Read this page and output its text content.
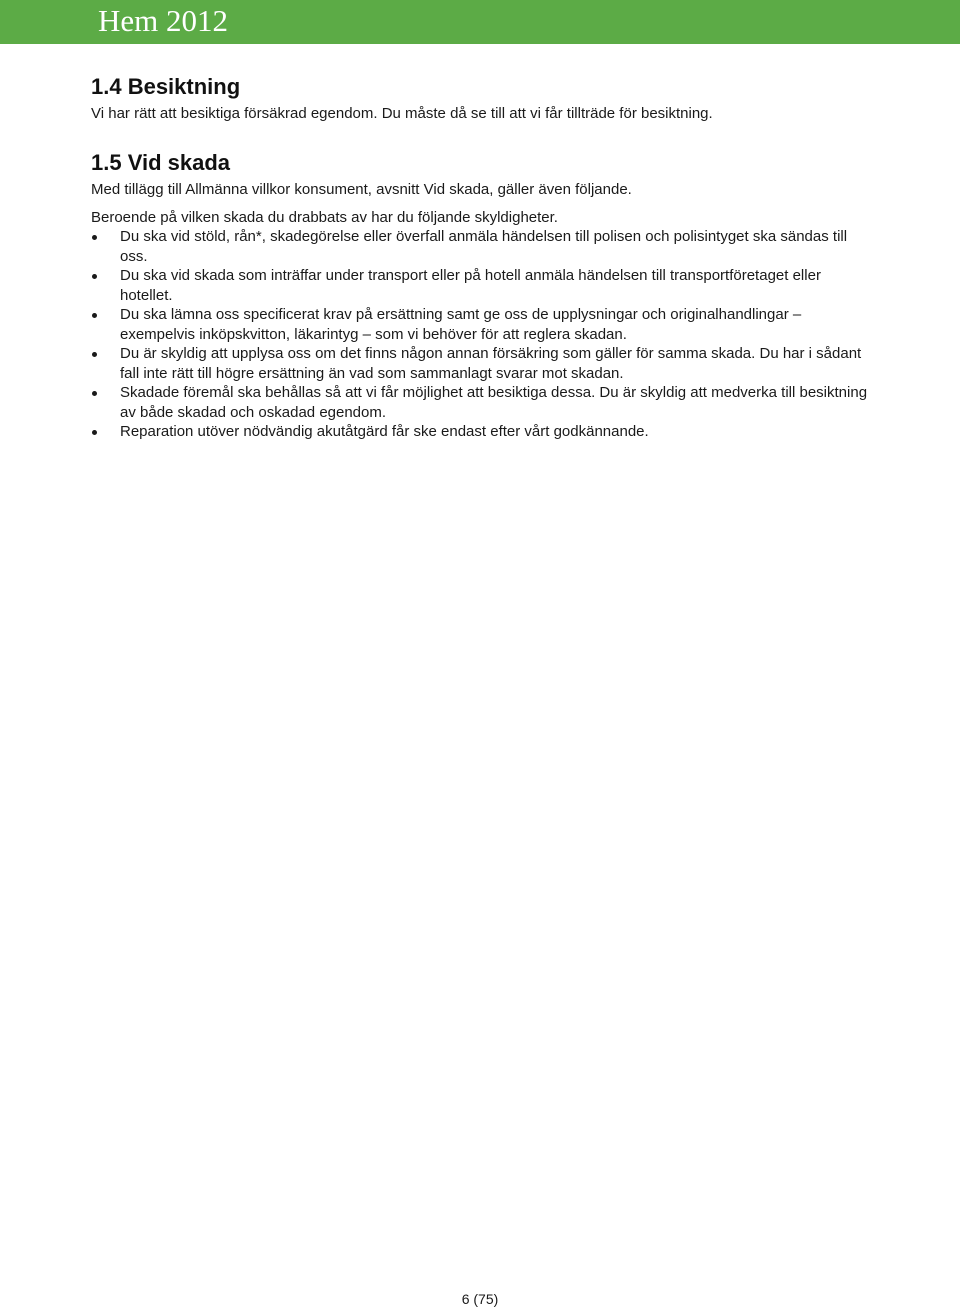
Hem 2012
1.4 Besiktning

Vi har rätt att besiktiga försäkrad egendom. Du måste då se till att vi får tillträde för besiktning.

1.5 Vid skada

Med tillägg till Allmänna villkor konsument, avsnitt Vid skada, gäller även följande.

Beroende på vilken skada du drabbats av har du följande skyldigheter.

Du ska vid stöld, rån*, skadegörelse eller överfall anmäla händelsen till polisen och polisintyget ska sändas till oss.
Du ska vid skada som inträffar under transport eller på hotell anmäla händelsen till transportföretaget eller hotellet.
Du ska lämna oss specificerat krav på ersättning samt ge oss de upplysningar och originalhandlingar – exempelvis inköpskvitton, läkarintyg – som vi behöver för att reglera skadan.
Du är skyldig att upplysa oss om det finns någon annan försäkring som gäller för samma skada. Du har i sådant fall inte rätt till högre ersättning än vad som sammanlagt svarar mot skadan.
Skadade föremål ska behållas så att vi får möjlighet att besiktiga dessa. Du är skyldig att medverka till besiktning av både skadad och oskadad egendom.
Reparation utöver nödvändig akutåtgärd får ske endast efter vårt godkännande.
6 (75)
